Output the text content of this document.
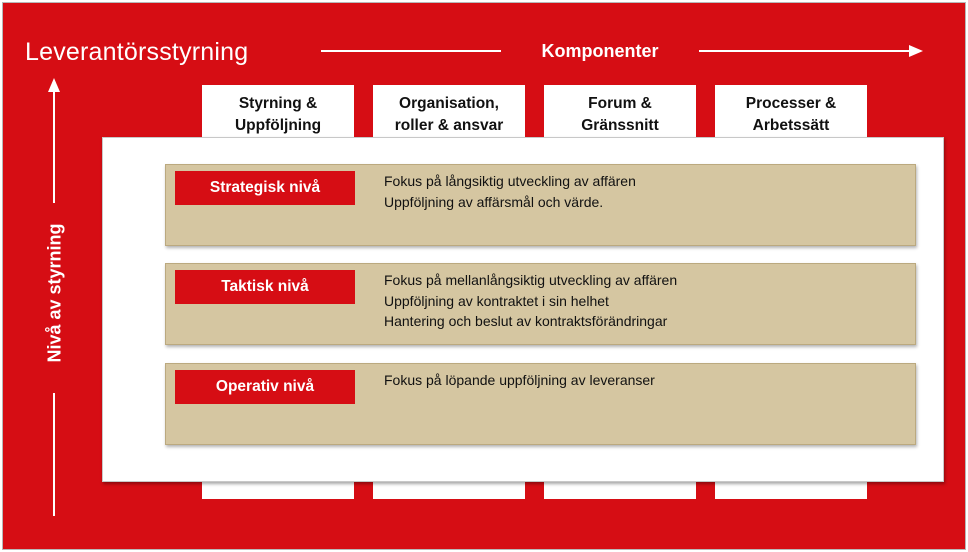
Leverantörsstyrning	Komponenter
Nivå av styrning
Styrning &
Uppföljning
Organisation,
roller & ansvar
Forum &
Gränssnitt
Processer &
Arbetssätt
Strategisk nivå	Fokus på långsiktig utveckling av affären
Uppföljning av affärsmål och värde.
Taktisk nivå	Fokus på mellanlångsiktig utveckling av affären
Uppföljning av kontraktet i sin helhet
Hantering och beslut av kontraktsförändringar
Operativ nivå	Fokus på löpande uppföljning av leveranser
